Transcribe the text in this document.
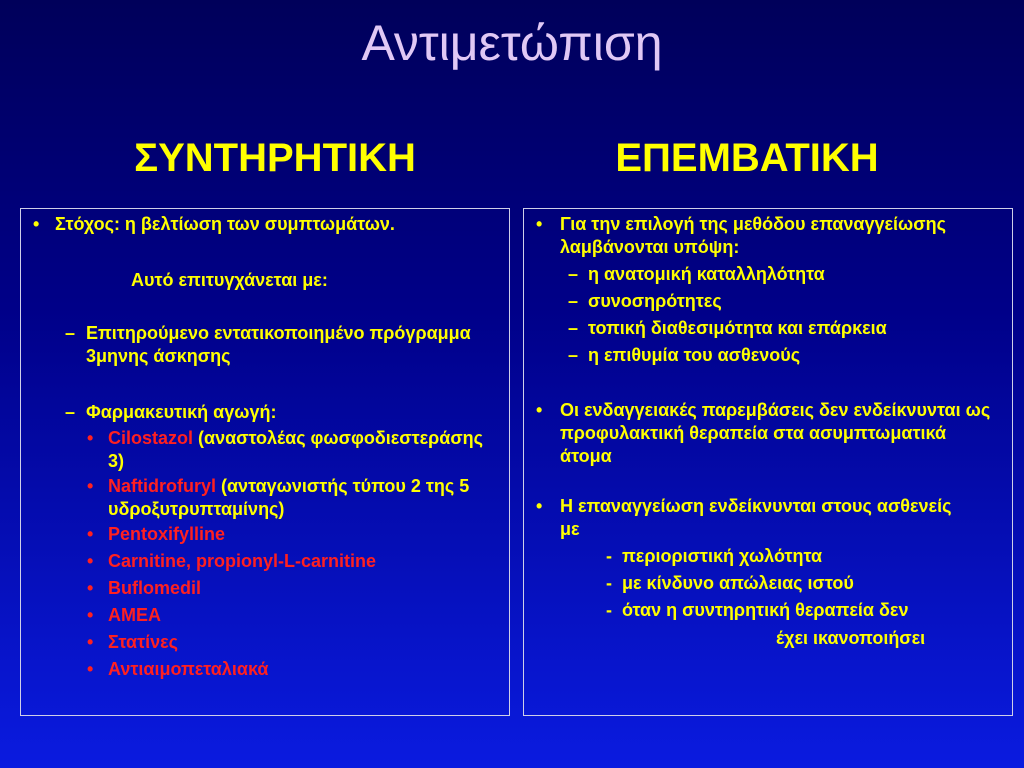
Αντιμετώπιση
ΣΥΝΤΗΡΗΤΙΚΗ	ΕΠΕΜΒΑΤΙΚΗ
• Στόχος: η βελτίωση των συμπτωμάτων.
Αυτό επιτυγχάνεται με:
– Επιτηρούμενο εντατικοποιημένο πρόγραμμα 3μηνης άσκησης
– Φαρμακευτική αγωγή:
• Cilostazol (αναστολέας φωσφοδιεστεράσης 3)
• Naftidrofuryl (ανταγωνιστής τύπου 2 της 5 υδροξυτρυπταμίνης)
• Pentoxifylline
• Carnitine, propionyl-L-carnitine
• Buflomedil
• ΑΜΕΑ
• Στατίνες
• Αντιαιμοπεταλιακά
• Για την επιλογή της μεθόδου επαναγγείωσης λαμβάνονται υπόψη:
– η ανατομική καταλληλότητα
– συνοσηρότητες
– τοπική διαθεσιμότητα και επάρκεια
– η επιθυμία του ασθενούς
• Οι ενδαγγειακές παρεμβάσεις δεν ενδείκνυνται ως προφυλακτική θεραπεία στα ασυμπτωματικά άτομα
• Η επαναγγείωση ενδείκνυνται στους ασθενείς με
- περιοριστική χωλότητα
- με κίνδυνο απώλειας ιστού
- όταν η συντηρητική θεραπεία δεν
έχει ικανοποιήσει
